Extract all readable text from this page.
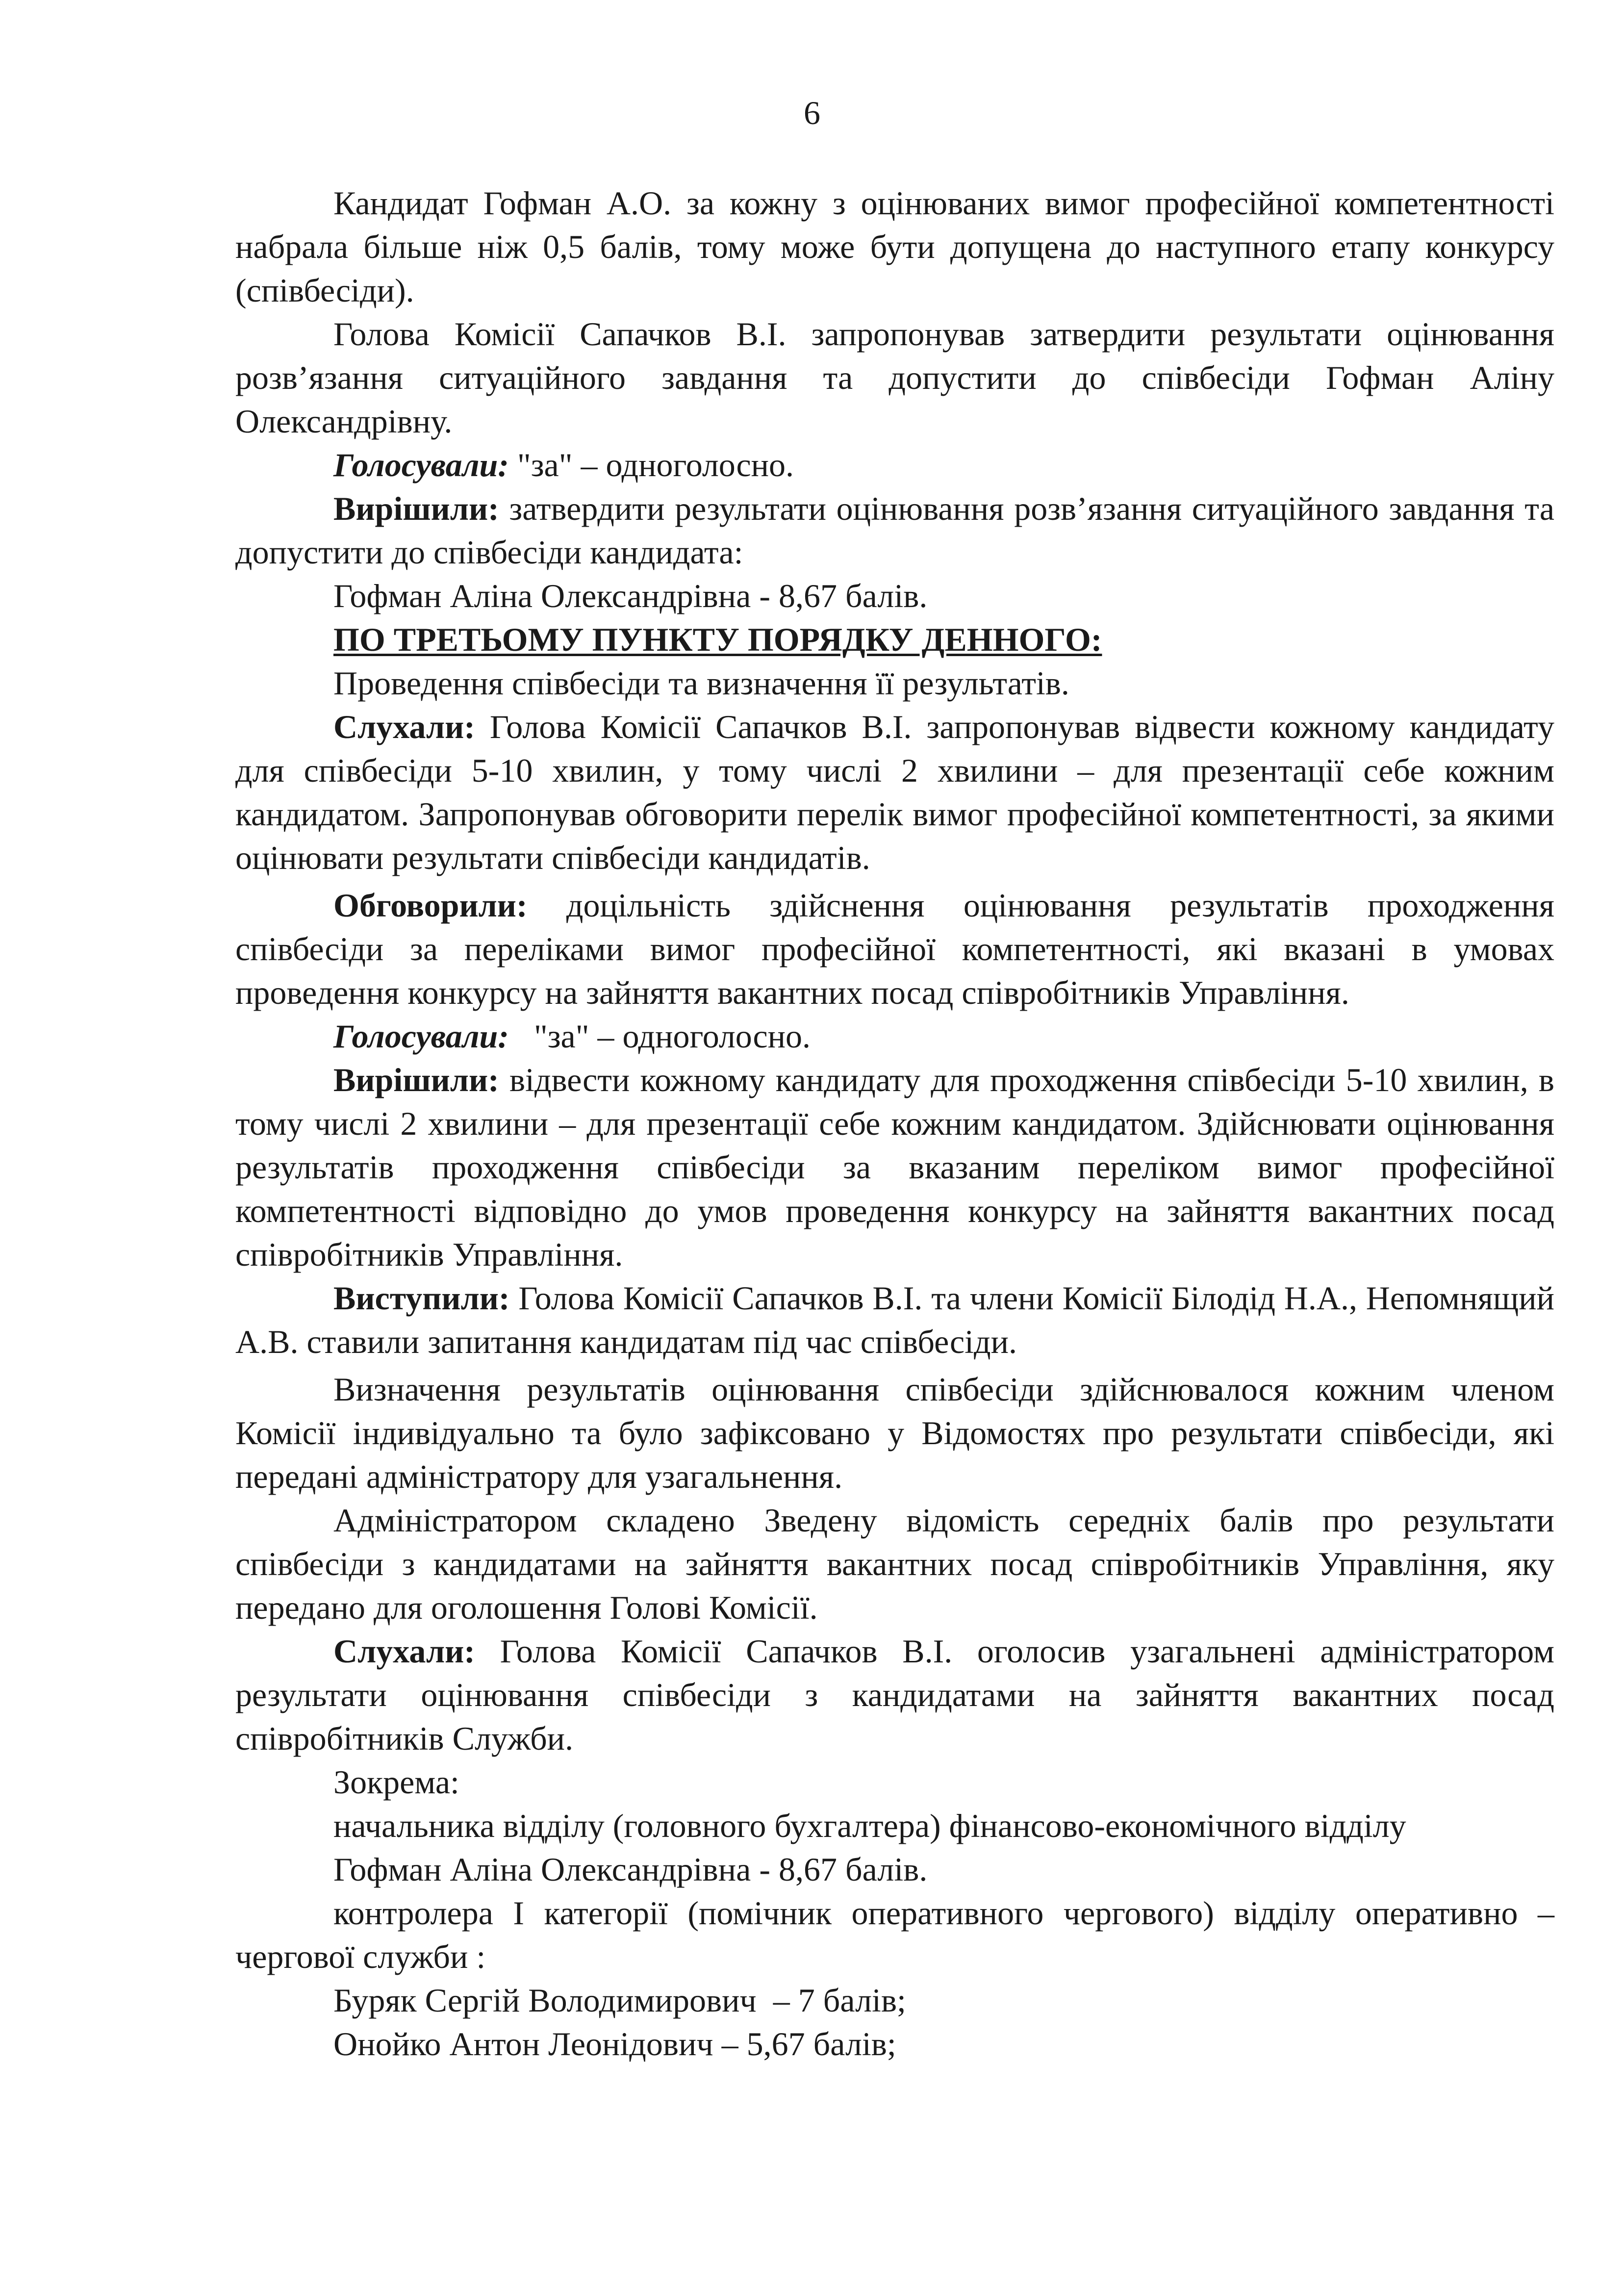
6

Кандидат Гофман А.О. за кожну з оцінюваних вимог професійної компетентності набрала більше ніж 0,5 балів, тому може бути допущена до наступного етапу конкурсу (співбесіди).

Голова Комісії Сапачков В.І. запропонував затвердити результати оцінювання розв’язання ситуаційного завдання та допустити до співбесіди Гофман Аліну Олександрівну.

Голосували: "за" – одноголосно.

Вирішили: затвердити результати оцінювання розв’язання ситуаційного завдання та допустити до співбесіди кандидата:

Гофман Аліна Олександрівна - 8,67 балів.

ПО ТРЕТЬОМУ ПУНКТУ ПОРЯДКУ ДЕННОГО:

Проведення співбесіди та визначення її результатів.

Слухали: Голова Комісії Сапачков В.І. запропонував відвести кожному кандидату для співбесіди 5-10 хвилин, у тому числі 2 хвилини – для презентації себе кожним кандидатом. Запропонував обговорити перелік вимог професійної компетентності, за якими оцінювати результати співбесіди кандидатів.

Обговорили: доцільність здійснення оцінювання результатів проходження співбесіди за переліками вимог професійної компетентності, які вказані в умовах проведення конкурсу на зайняття вакантних посад співробітників Управління.

Голосували:   "за" – одноголосно.

Вирішили: відвести кожному кандидату для проходження співбесіди 5-10 хвилин, в тому числі 2 хвилини – для презентації себе кожним кандидатом. Здійснювати оцінювання результатів проходження співбесіди за вказаним переліком вимог професійної компетентності відповідно до умов проведення конкурсу на зайняття вакантних посад співробітників Управління.

Виступили: Голова Комісії Сапачков В.І. та члени Комісії Білодід Н.А., Непомнящий А.В. ставили запитання кандидатам під час співбесіди.

Визначення результатів оцінювання співбесіди здійснювалося кожним членом Комісії індивідуально та було зафіксовано у Відомостях про результати співбесіди, які передані адміністратору для узагальнення.

Адміністратором складено Зведену відомість середніх балів про результати співбесіди з кандидатами на зайняття вакантних посад співробітників Управління, яку передано для оголошення Голові Комісії.

Слухали: Голова Комісії Сапачков В.І. оголосив узагальнені адміністратором результати оцінювання співбесіди з кандидатами на зайняття вакантних посад співробітників Служби.

Зокрема:

начальника відділу (головного бухгалтера) фінансово-економічного відділу

Гофман Аліна Олександрівна - 8,67 балів.

контролера I категорії (помічник оперативного чергового) відділу оперативно – чергової служби :

Буряк Сергій Володимирович  – 7 балів;

Онойко Антон Леонідович – 5,67 балів;
